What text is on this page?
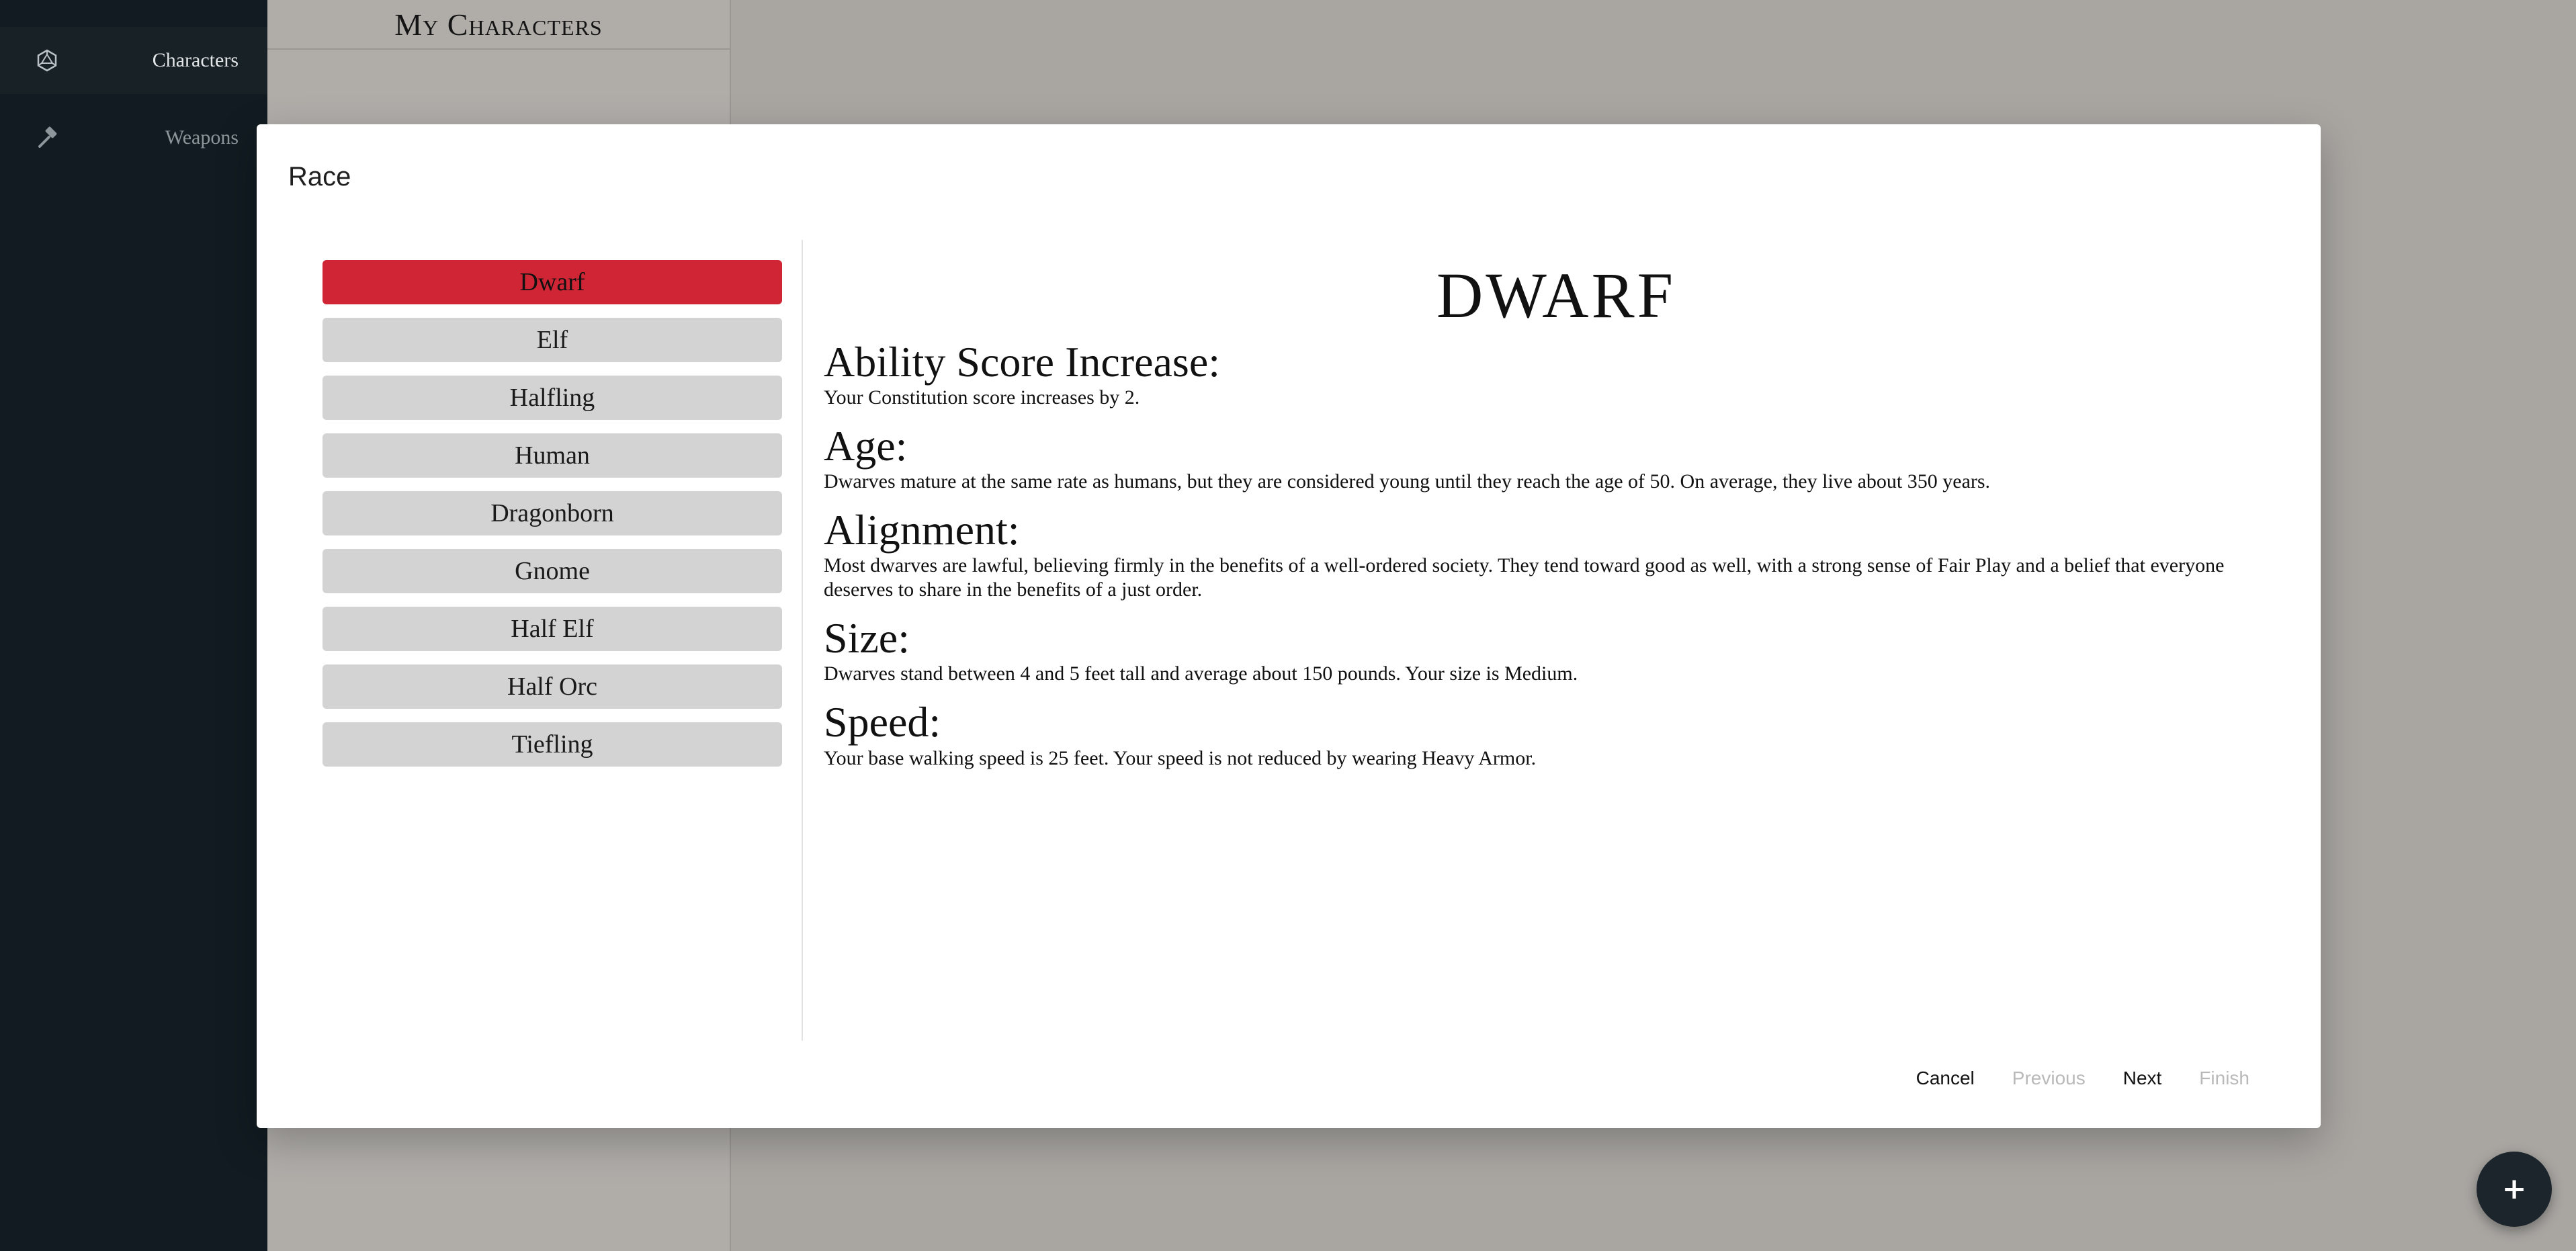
Characters
Weapons
My Characters
Race
Dwarf
Elf
Halfling
Human
Dragonborn
Gnome
Half Elf
Half Orc
Tiefling
DWARF
Ability Score Increase:

Your Constitution score increases by 2.

Age:

Dwarves mature at the same rate as humans, but they are considered young until they reach the age of 50. On average, they live about 350 years.

Alignment:

Most dwarves are lawful, believing firmly in the benefits of a well-ordered society. They tend toward good as well, with a strong sense of Fair Play and a belief that everyone deserves to share in the benefits of a just order.

Size:

Dwarves stand between 4 and 5 feet tall and average about 150 pounds. Your size is Medium.

Speed:

Your base walking speed is 25 feet. Your speed is not reduced by wearing Heavy Armor.

Cancel	Previous	Next	Finish
+
